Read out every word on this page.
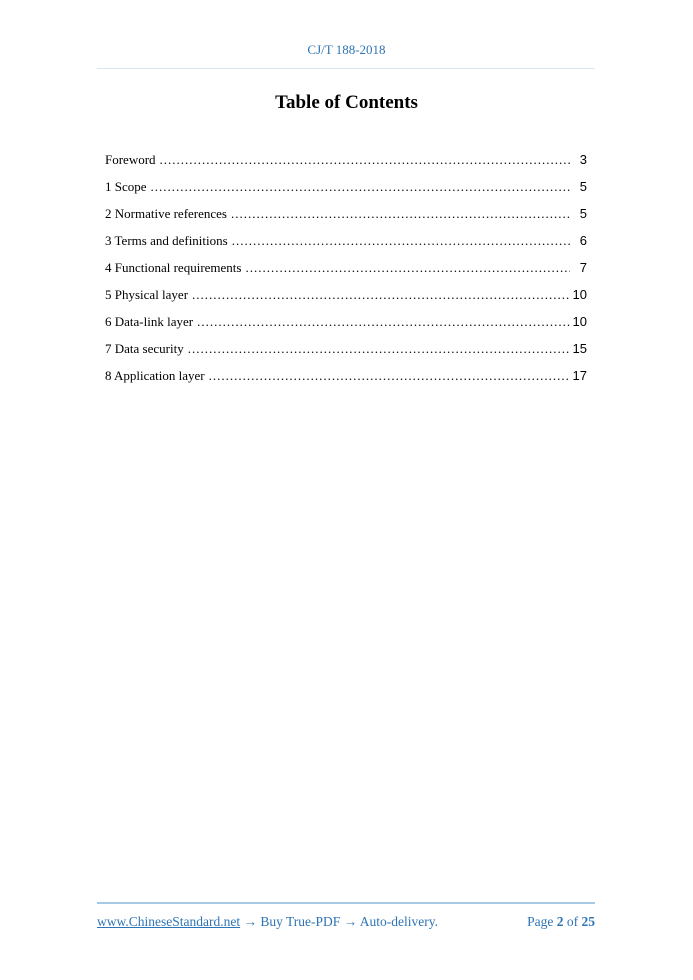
CJ/T 188-2018
Table of Contents
Foreword .....	3
1 Scope .....	5
2 Normative references .....	5
3 Terms and definitions .....	6
4 Functional requirements .....	7
5 Physical layer .....	10
6 Data-link layer .....	10
7 Data security .....	15
8 Application layer .....	17
www.ChineseStandard.net → Buy True-PDF → Auto-delivery.	Page 2 of 25
